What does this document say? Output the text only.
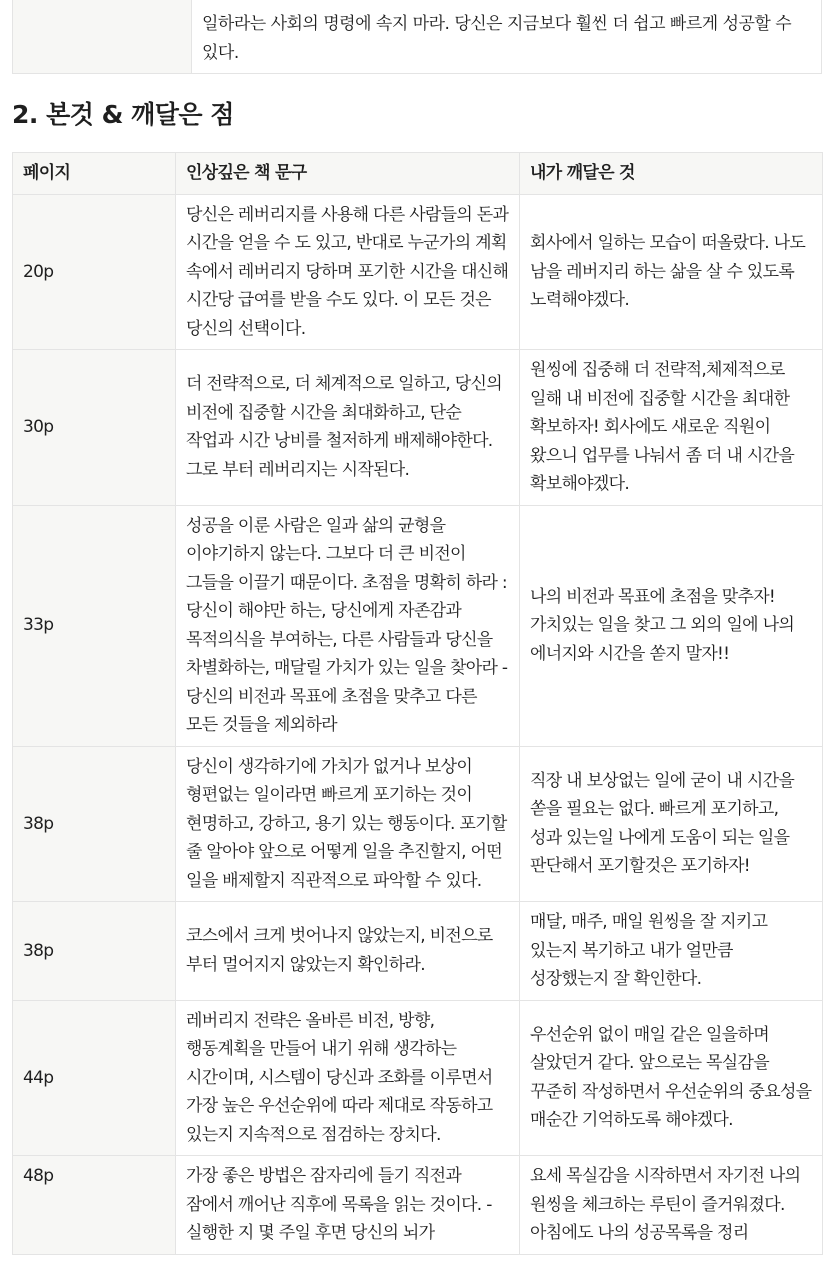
일하라는 사회의 명령에 속지 마라. 당신은 지금보다 훨씬 더 쉽고 빠르게 성공할 수 있다.
2. 본것 & 깨달은 점
페이지	인상깊은 책 문구	내가 깨달은 것
20p	당신은 레버리지를 사용해 다른 사람들의 돈과 시간을 얻을 수 도 있고, 반대로 누군가의 계획 속에서 레버리지 당하며 포기한 시간을 대신해 시간당 급여를 받을 수도 있다. 이 모든 것은 당신의 선택이다.	회사에서 일하는 모습이 떠올랐다. 나도 남을 레버지리 하는 삶을 살 수 있도록 노력해야겠다.
30p	더 전략적으로, 더 체계적으로 일하고, 당신의 비전에 집중할 시간을 최대화하고, 단순 작업과 시간 낭비를 철저하게 배제해야한다. 그로 부터 레버리지는 시작된다.	원씽에 집중해 더 전략적,체제적으로 일해 내 비전에 집중할 시간을 최대한 확보하자! 회사에도 새로운 직원이 왔으니 업무를 나눠서 좀 더 내 시간을 확보해야겠다.
33p	성공을 이룬 사람은 일과 삶의 균형을 이야기하지 않는다. 그보다 더 큰 비전이 그들을 이끌기 때문이다. 초점을 명확히 하라 : 당신이 해야만 하는, 당신에게 자존감과 목적의식을 부여하는, 다른 사람들과 당신을 차별화하는, 매달릴 가치가 있는 일을 찾아라 - 당신의 비전과 목표에 초점을 맞추고 다른 모든 것들을 제외하라	나의 비전과 목표에 초점을 맞추자! 가치있는 일을 찾고 그 외의 일에 나의 에너지와 시간을 쏟지 말자!!
38p	당신이 생각하기에 가치가 없거나 보상이 형편없는 일이라면 빠르게 포기하는 것이 현명하고, 강하고, 용기 있는 행동이다. 포기할 줄 알아야 앞으로 어떻게 일을 추진할지, 어떤 일을 배제할지 직관적으로 파악할 수 있다.	직장 내 보상없는 일에 굳이 내 시간을 쏟을 필요는 없다. 빠르게 포기하고, 성과 있는일 나에게 도움이 되는 일을 판단해서 포기할것은 포기하자!
38p	코스에서 크게 벗어나지 않았는지, 비전으로 부터 멀어지지 않았는지 확인하라.	매달, 매주, 매일 원씽을 잘 지키고 있는지 복기하고 내가 얼만큼 성장했는지 잘 확인한다.
44p	레버리지 전략은 올바른 비전, 방향, 행동계획을 만들어 내기 위해 생각하는 시간이며, 시스템이 당신과 조화를 이루면서 가장 높은 우선순위에 따라 제대로 작동하고 있는지 지속적으로 점검하는 장치다.	우선순위 없이 매일 같은 일을하며 살았던거 같다. 앞으로는 목실감을 꾸준히 작성하면서 우선순위의 중요성을 매순간 기억하도록 해야겠다.
48p	가장 좋은 방법은 잠자리에 들기 직전과 잠에서 깨어난 직후에 목록을 읽는 것이다. - 실행한 지 몇 주일 후면 당신의 뇌가	요세 목실감을 시작하면서 자기전 나의 원씽을 체크하는 루틴이 즐거워졌다. 아침에도 나의 성공목록을 정리
